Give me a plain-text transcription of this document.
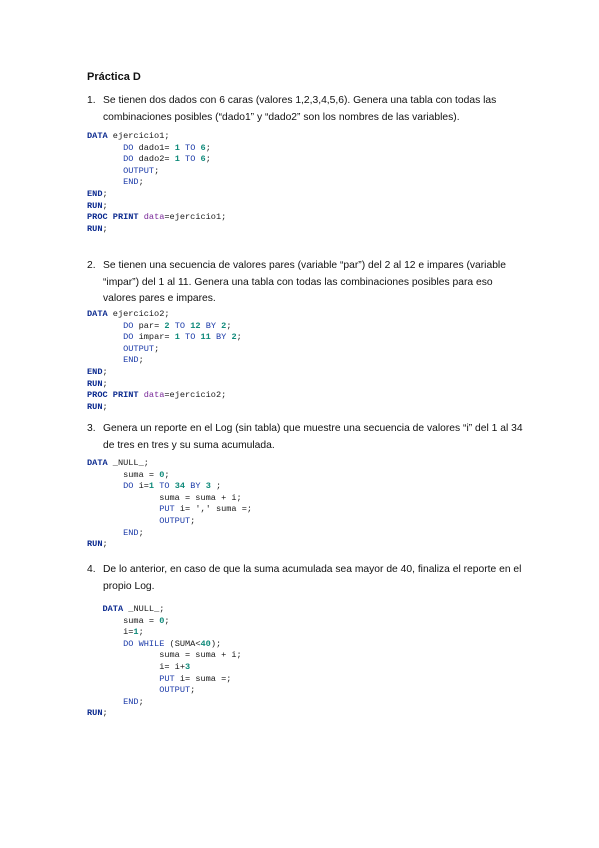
Práctica D
1. Se tienen dos dados con 6 caras (valores 1,2,3,4,5,6). Genera una tabla con todas las combinaciones posibles (“dado1” y “dado2” son los nombres de las variables).
DATA ejercicio1;
DO dado1= 1 TO 6;
DO dado2= 1 TO 6;
OUTPUT;
END;
END;
RUN;
PROC PRINT data=ejercicio1;
RUN;
2. Se tienen una secuencia de valores pares (variable “par”) del 2 al 12 e impares (variable “impar”) del 1 al 11. Genera una tabla con todas las combinaciones posibles para eso valores pares e impares.
DATA ejercicio2;
DO par= 2 TO 12 BY 2;
DO impar= 1 TO 11 BY 2;
OUTPUT;
END;
END;
RUN;
PROC PRINT data=ejercicio2;
RUN;
3. Genera un reporte en el Log (sin tabla) que muestre una secuencia de valores “i” del 1 al 34 de tres en tres y su suma acumulada.
DATA _NULL_;
suma = 0;
DO i=1 TO 34 BY 3 ;
suma = suma + i;
PUT i= ',' suma =;
OUTPUT;
END;
RUN;
4. De lo anterior, en caso de que la suma acumulada sea mayor de 40, finaliza el reporte en el propio Log.
DATA _NULL_;
suma = 0;
i=1;
DO WHILE (SUMA<40);
suma = suma + i;
i= i+3
PUT i= suma =;
OUTPUT;
END;
RUN;
